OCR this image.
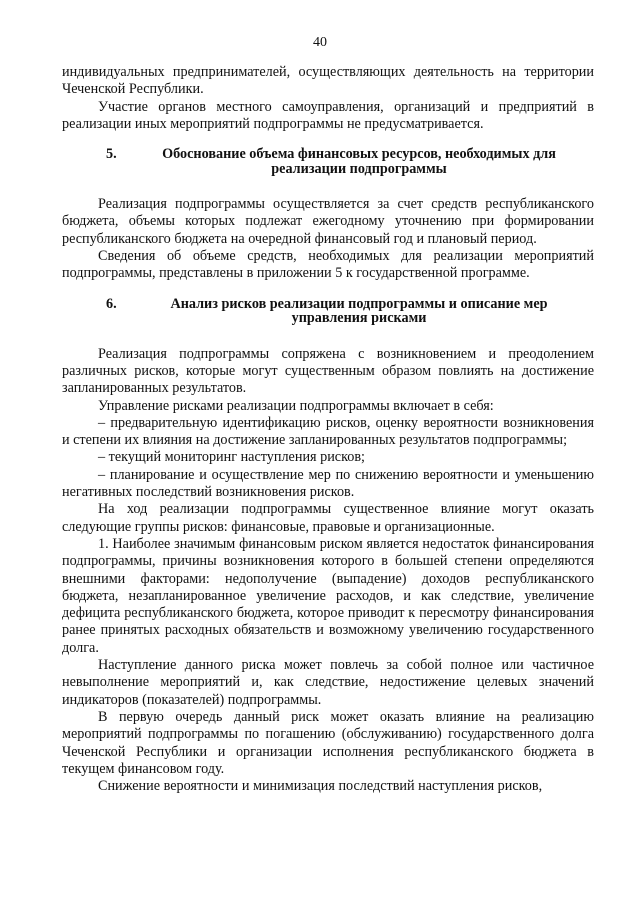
40

индивидуальных предпринимателей, осуществляющих деятельность на территории Чеченской Республики.

Участие органов местного самоуправления, организаций и предприятий в реализации иных мероприятий подпрограммы не предусматривается.

5.	Обоснование объема финансовых ресурсов, необходимых для реализации подпрограммы

Реализация подпрограммы осуществляется за счет средств республиканского бюджета, объемы которых подлежат ежегодному уточнению при формировании республиканского бюджета на очередной финансовый год и плановый период.

Сведения об объеме средств, необходимых для реализации мероприятий подпрограммы, представлены в приложении 5 к государственной программе.

6.	Анализ рисков реализации подпрограммы и описание мер управления рисками

Реализация подпрограммы сопряжена с возникновением и преодолением различных рисков, которые могут существенным образом повлиять на достижение запланированных результатов.

Управление рисками реализации подпрограммы включает в себя:

– предварительную идентификацию рисков, оценку вероятности возникновения и степени их влияния на достижение запланированных результатов подпрограммы;

– текущий мониторинг наступления рисков;

– планирование и осуществление мер по снижению вероятности и уменьшению негативных последствий возникновения рисков.

На ход реализации подпрограммы существенное влияние могут оказать следующие группы рисков: финансовые, правовые и организационные.

1. Наиболее значимым финансовым риском является недостаток финансирования подпрограммы, причины возникновения которого в большей степени определяются внешними факторами: недополучение (выпадение) доходов республиканского бюджета, незапланированное увеличение расходов, и как следствие, увеличение дефицита республиканского бюджета, которое приводит к пересмотру финансирования ранее принятых расходных обязательств и возможному увеличению государственного долга.

Наступление данного риска может повлечь за собой полное или частичное невыполнение мероприятий и, как следствие, недостижение целевых значений индикаторов (показателей) подпрограммы.

В первую очередь данный риск может оказать влияние на реализацию мероприятий подпрограммы по погашению (обслуживанию) государственного долга Чеченской Республики и организации исполнения республиканского бюджета в текущем финансовом году.

Снижение вероятности и минимизация последствий наступления рисков,
